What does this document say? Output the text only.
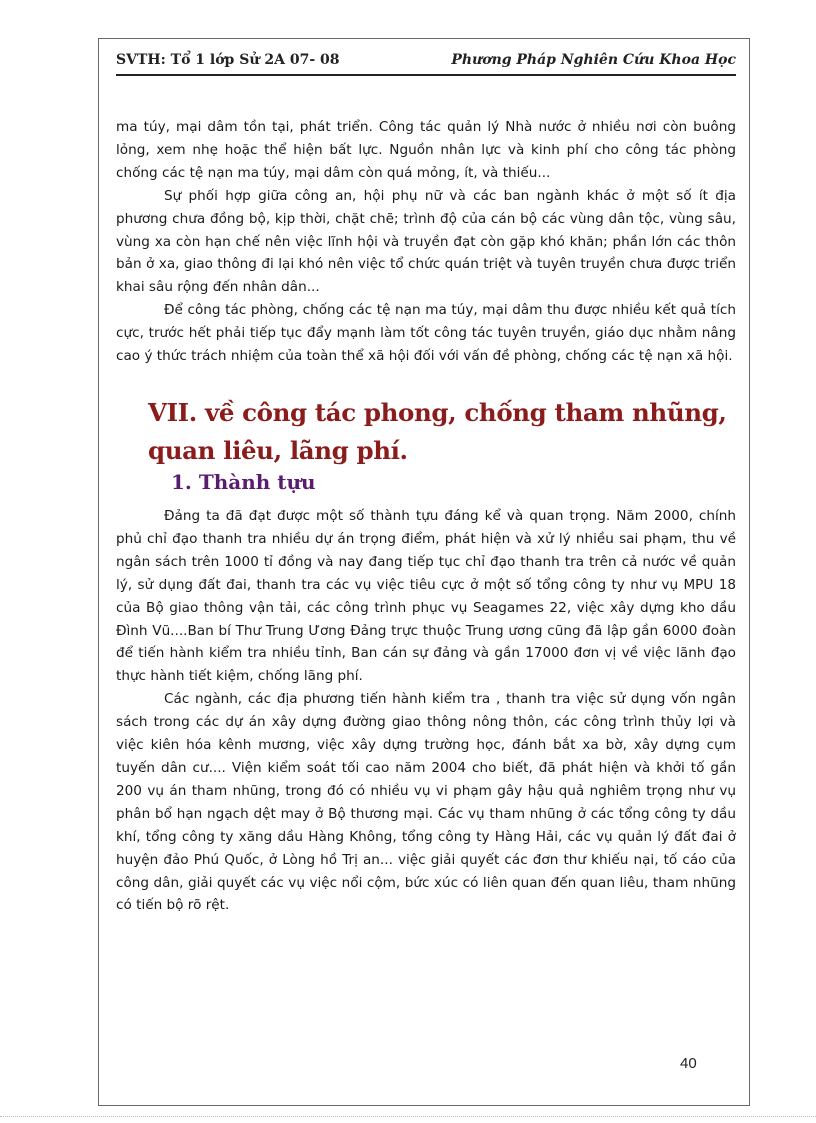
SVTH: Tổ 1 lớp Sử 2A 07- 08	Phương Pháp Nghiên Cứu Khoa Học

ma túy, mại dâm tồn tại, phát triển. Công tác quản lý Nhà nước ở nhiều nơi còn buông lỏng, xem nhẹ hoặc thể hiện bất lực. Nguồn nhân lực và kinh phí cho công tác phòng chống các tệ nạn ma túy, mại dâm còn quá mỏng, ít, và thiếu...

Sự phối hợp giữa công an, hội phụ nữ và các ban ngành khác ở một số ít địa phương chưa đồng bộ, kịp thời, chặt chẽ; trình độ của cán bộ các vùng dân tộc, vùng sâu, vùng xa còn hạn chế nên việc lĩnh hội và truyền đạt còn gặp khó khăn; phần lớn các thôn bản ở xa, giao thông đi lại khó nên việc tổ chức quán triệt và tuyên truyền chưa được triển khai sâu rộng đến nhân dân...

Để công tác phòng, chống các tệ nạn ma túy, mại dâm thu được nhiều kết quả tích cực, trước hết phải tiếp tục đẩy mạnh làm tốt công tác tuyên truyền, giáo dục nhằm nâng cao ý thức trách nhiệm của toàn thể xã hội đối với vấn đề phòng, chống các tệ nạn xã hội.

VII. về công tác phong, chống tham nhũng, quan liêu, lãng phí.
1. Thành tựu

Đảng ta đã đạt được một số thành tựu đáng kể và quan trọng. Năm 2000, chính phủ chỉ đạo thanh tra nhiều dự án trọng điểm, phát hiện và xử lý nhiều sai phạm, thu về ngân sách trên 1000 tỉ đồng và nay đang tiếp tục chỉ đạo thanh tra trên cả nước về quản lý, sử dụng đất đai, thanh tra các vụ việc tiêu cực ở một số tổng công ty như vụ MPU 18 của Bộ giao thông vận tải, các công trình phục vụ Seagames 22, việc xây dựng kho dầu Đình Vũ....Ban bí Thư Trung Ương Đảng trực thuộc Trung ương cũng đã lập gần 6000 đoàn để tiến hành kiểm tra nhiều tỉnh, Ban cán sự đảng và gần 17000 đơn vị về việc lãnh đạo thực hành tiết kiệm, chống lãng phí.

Các ngành, các địa phương tiến hành kiểm tra , thanh tra việc sử dụng vốn ngân sách trong các dự án xây dựng đường giao thông nông thôn, các công trình thủy lợi và việc kiên hóa kênh mương, việc xây dựng trường học, đánh bắt xa bờ, xây dựng cụm tuyến dân cư.... Viện kiểm soát tối cao năm 2004 cho biết, đã phát hiện và khởi tố gần 200 vụ án tham nhũng, trong đó có nhiều vụ vi phạm gây hậu quả nghiêm trọng như vụ phân bổ hạn ngạch dệt may ở Bộ thương mại. Các vụ tham nhũng ở các tổng công ty dầu khí, tổng công ty xăng dầu Hàng Không, tổng công ty Hàng Hải, các vụ quản lý đất đai ở huyện đảo Phú Quốc, ở Lòng hồ Trị an... việc giải quyết các đơn thư khiếu nại, tố cáo của công dân, giải quyết các vụ việc nổi cộm, bức xúc có liên quan đến quan liêu, tham nhũng có tiến bộ rõ rệt.

40
